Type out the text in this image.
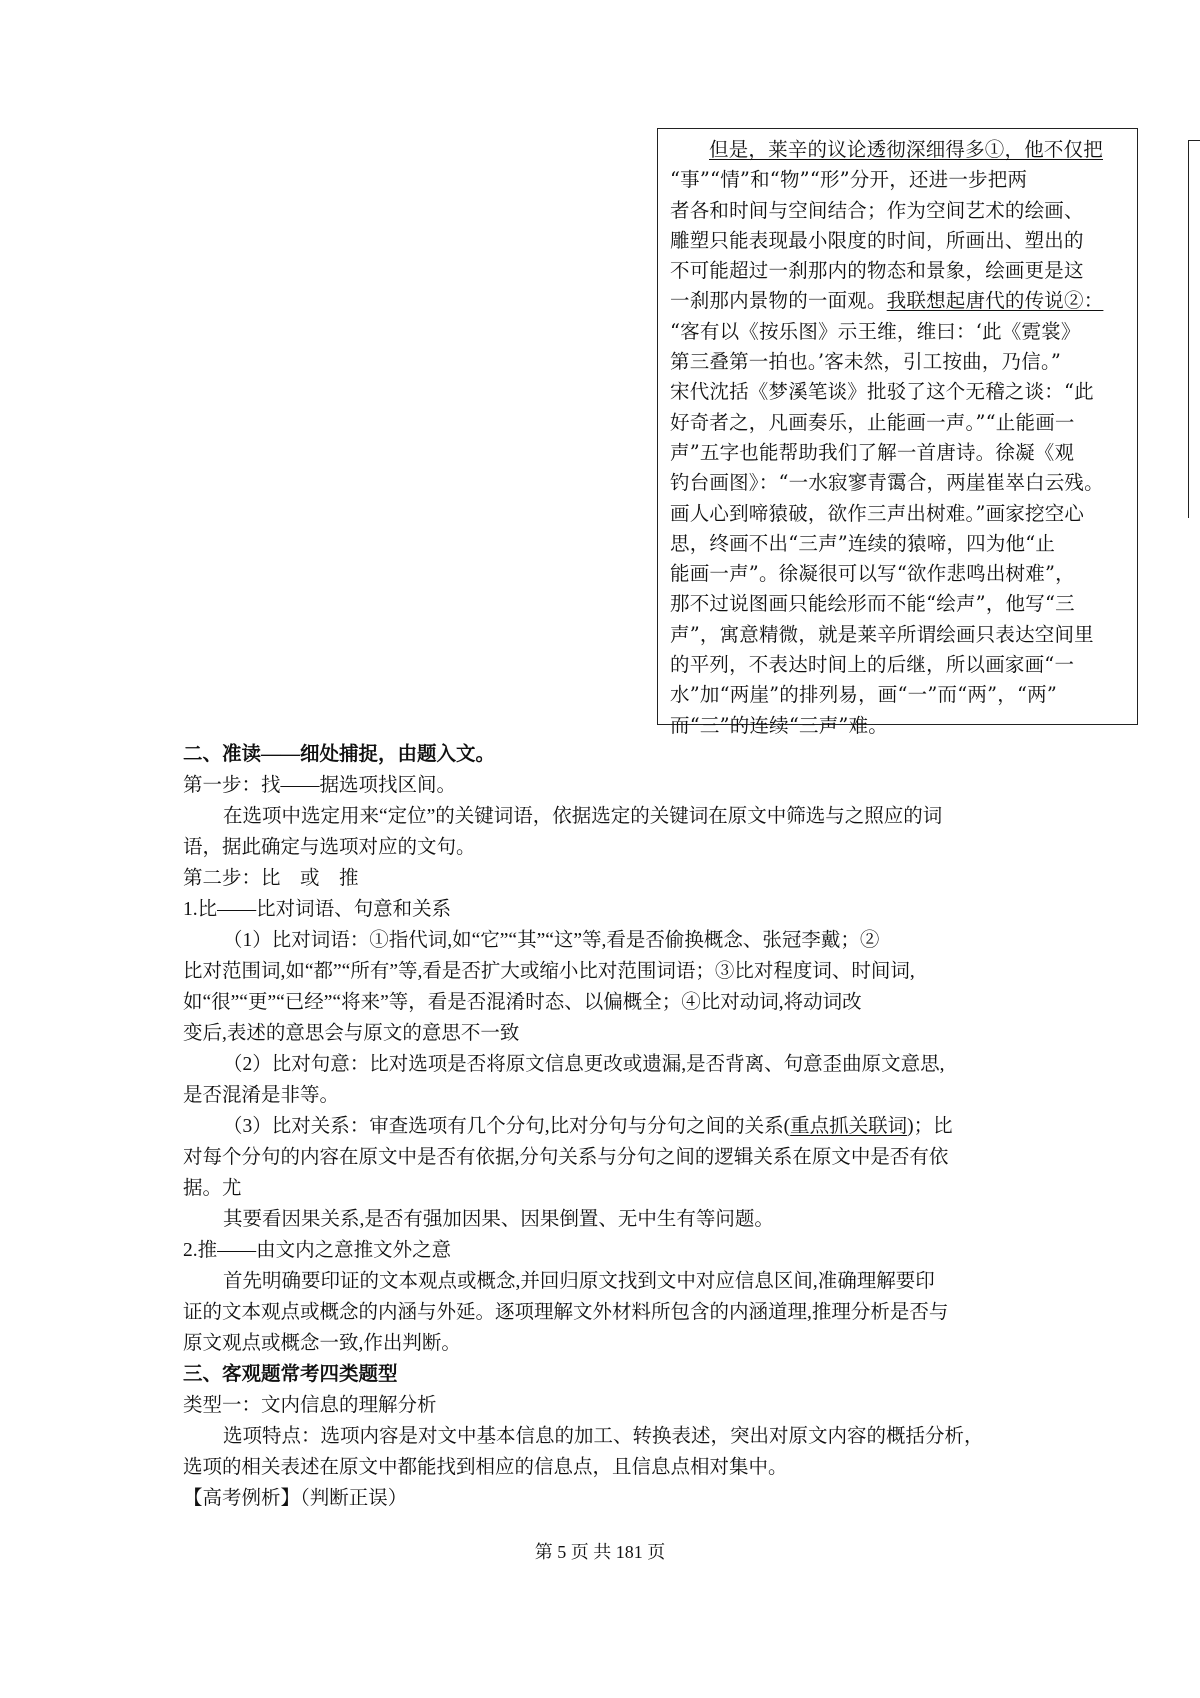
但是，莱辛的议论透彻深细得多①，他不仅把
“事”“情”和“物”“形”分开，还进一步把两
者各和时间与空间结合；作为空间艺术的绘画、
雕塑只能表现最小限度的时间，所画出、塑出的
不可能超过一刹那内的物态和景象，绘画更是这
一刹那内景物的一面观。我联想起唐代的传说②：
“客有以《按乐图》示王维，维曰：‘此《霓裳》
第三叠第一拍也。’客未然，引工按曲，乃信。”
宋代沈括《梦溪笔谈》批驳了这个无稽之谈：“此
好奇者之，凡画奏乐，止能画一声。”“止能画一
声”五字也能帮助我们了解一首唐诗。徐凝《观
钓台画图》：“一水寂寥青霭合，两崖崔崒白云残。
画人心到啼猿破，欲作三声出树难。”画家挖空心
思，终画不出“三声”连续的猿啼，四为他“止
能画一声”。徐凝很可以写“欲作悲鸣出树难”，
那不过说图画只能绘形而不能“绘声”，他写“三
声”，寓意精微，就是莱辛所谓绘画只表达空间里
的平列，不表达时间上的后继，所以画家画“一
水”加“两崖”的排列易，画“一”而“两”，“两”
而“三”的连续“三声”难。
二、准读——细处捕捉，由题入文。
第一步：找——据选项找区间。
在选项中选定用来“定位”的关键词语，依据选定的关键词在原文中筛选与之照应的词
语，据此确定与选项对应的文句。
第二步：比　或　推
1.比——比对词语、句意和关系
（1）比对词语：①指代词,如“它”“其”“这”等,看是否偷换概念、张冠李戴；②
比对范围词,如“都”“所有”等,看是否扩大或缩小比对范围词语；③比对程度词、时间词,
如“很”“更”“已经”“将来”等，看是否混淆时态、以偏概全；④比对动词,将动词改
变后,表述的意思会与原文的意思不一致
（2）比对句意：比对选项是否将原文信息更改或遗漏,是否背离、句意歪曲原文意思,
是否混淆是非等。
（3）比对关系：审查选项有几个分句,比对分句与分句之间的关系(重点抓关联词)；比
对每个分句的内容在原文中是否有依据,分句关系与分句之间的逻辑关系在原文中是否有依
据。尤
其要看因果关系,是否有强加因果、因果倒置、无中生有等问题。
2.推——由文内之意推文外之意
首先明确要印证的文本观点或概念,并回归原文找到文中对应信息区间,准确理解要印
证的文本观点或概念的内涵与外延。逐项理解文外材料所包含的内涵道理,推理分析是否与
原文观点或概念一致,作出判断。
三、客观题常考四类题型
类型一：文内信息的理解分析
选项特点：选项内容是对文中基本信息的加工、转换表述，突出对原文内容的概括分析，
选项的相关表述在原文中都能找到相应的信息点，且信息点相对集中。
【高考例析】（判断正误）
第 5 页 共 181 页
